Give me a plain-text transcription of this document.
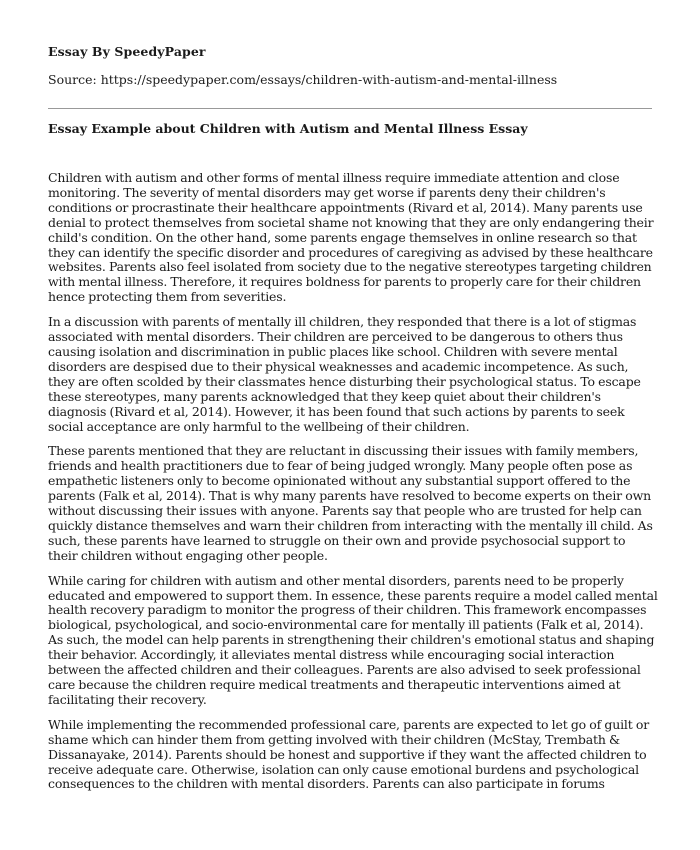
Essay By SpeedyPaper
Source: https://speedypaper.com/essays/children-with-autism-and-mental-illness
Essay Example about Children with Autism and Mental Illness Essay

Children with autism and other forms of mental illness require immediate attention and close monitoring. The severity of mental disorders may get worse if parents deny their children's conditions or procrastinate their healthcare appointments (Rivard et al, 2014). Many parents use denial to protect themselves from societal shame not knowing that they are only endangering their child's condition. On the other hand, some parents engage themselves in online research so that they can identify the specific disorder and procedures of caregiving as advised by these healthcare websites. Parents also feel isolated from society due to the negative stereotypes targeting children with mental illness. Therefore, it requires boldness for parents to properly care for their children hence protecting them from severities.

In a discussion with parents of mentally ill children, they responded that there is a lot of stigmas associated with mental disorders. Their children are perceived to be dangerous to others thus causing isolation and discrimination in public places like school. Children with severe mental disorders are despised due to their physical weaknesses and academic incompetence. As such, they are often scolded by their classmates hence disturbing their psychological status. To escape these stereotypes, many parents acknowledged that they keep quiet about their children's diagnosis (Rivard et al, 2014). However, it has been found that such actions by parents to seek social acceptance are only harmful to the wellbeing of their children.

These parents mentioned that they are reluctant in discussing their issues with family members, friends and health practitioners due to fear of being judged wrongly. Many people often pose as empathetic listeners only to become opinionated without any substantial support offered to the parents (Falk et al, 2014). That is why many parents have resolved to become experts on their own without discussing their issues with anyone. Parents say that people who are trusted for help can quickly distance themselves and warn their children from interacting with the mentally ill child. As such, these parents have learned to struggle on their own and provide psychosocial support to their children without engaging other people.

While caring for children with autism and other mental disorders, parents need to be properly educated and empowered to support them. In essence, these parents require a model called mental health recovery paradigm to monitor the progress of their children. This framework encompasses biological, psychological, and socio-environmental care for mentally ill patients (Falk et al, 2014). As such, the model can help parents in strengthening their children's emotional status and shaping their behavior. Accordingly, it alleviates mental distress while encouraging social interaction between the affected children and their colleagues. Parents are also advised to seek professional care because the children require medical treatments and therapeutic interventions aimed at facilitating their recovery.

While implementing the recommended professional care, parents are expected to let go of guilt or shame which can hinder them from getting involved with their children (McStay, Trembath & Dissanayake, 2014). Parents should be honest and supportive if they want the affected children to receive adequate care. Otherwise, isolation can only cause emotional burdens and psychological consequences to the children with mental disorders. Parents can also participate in forums
